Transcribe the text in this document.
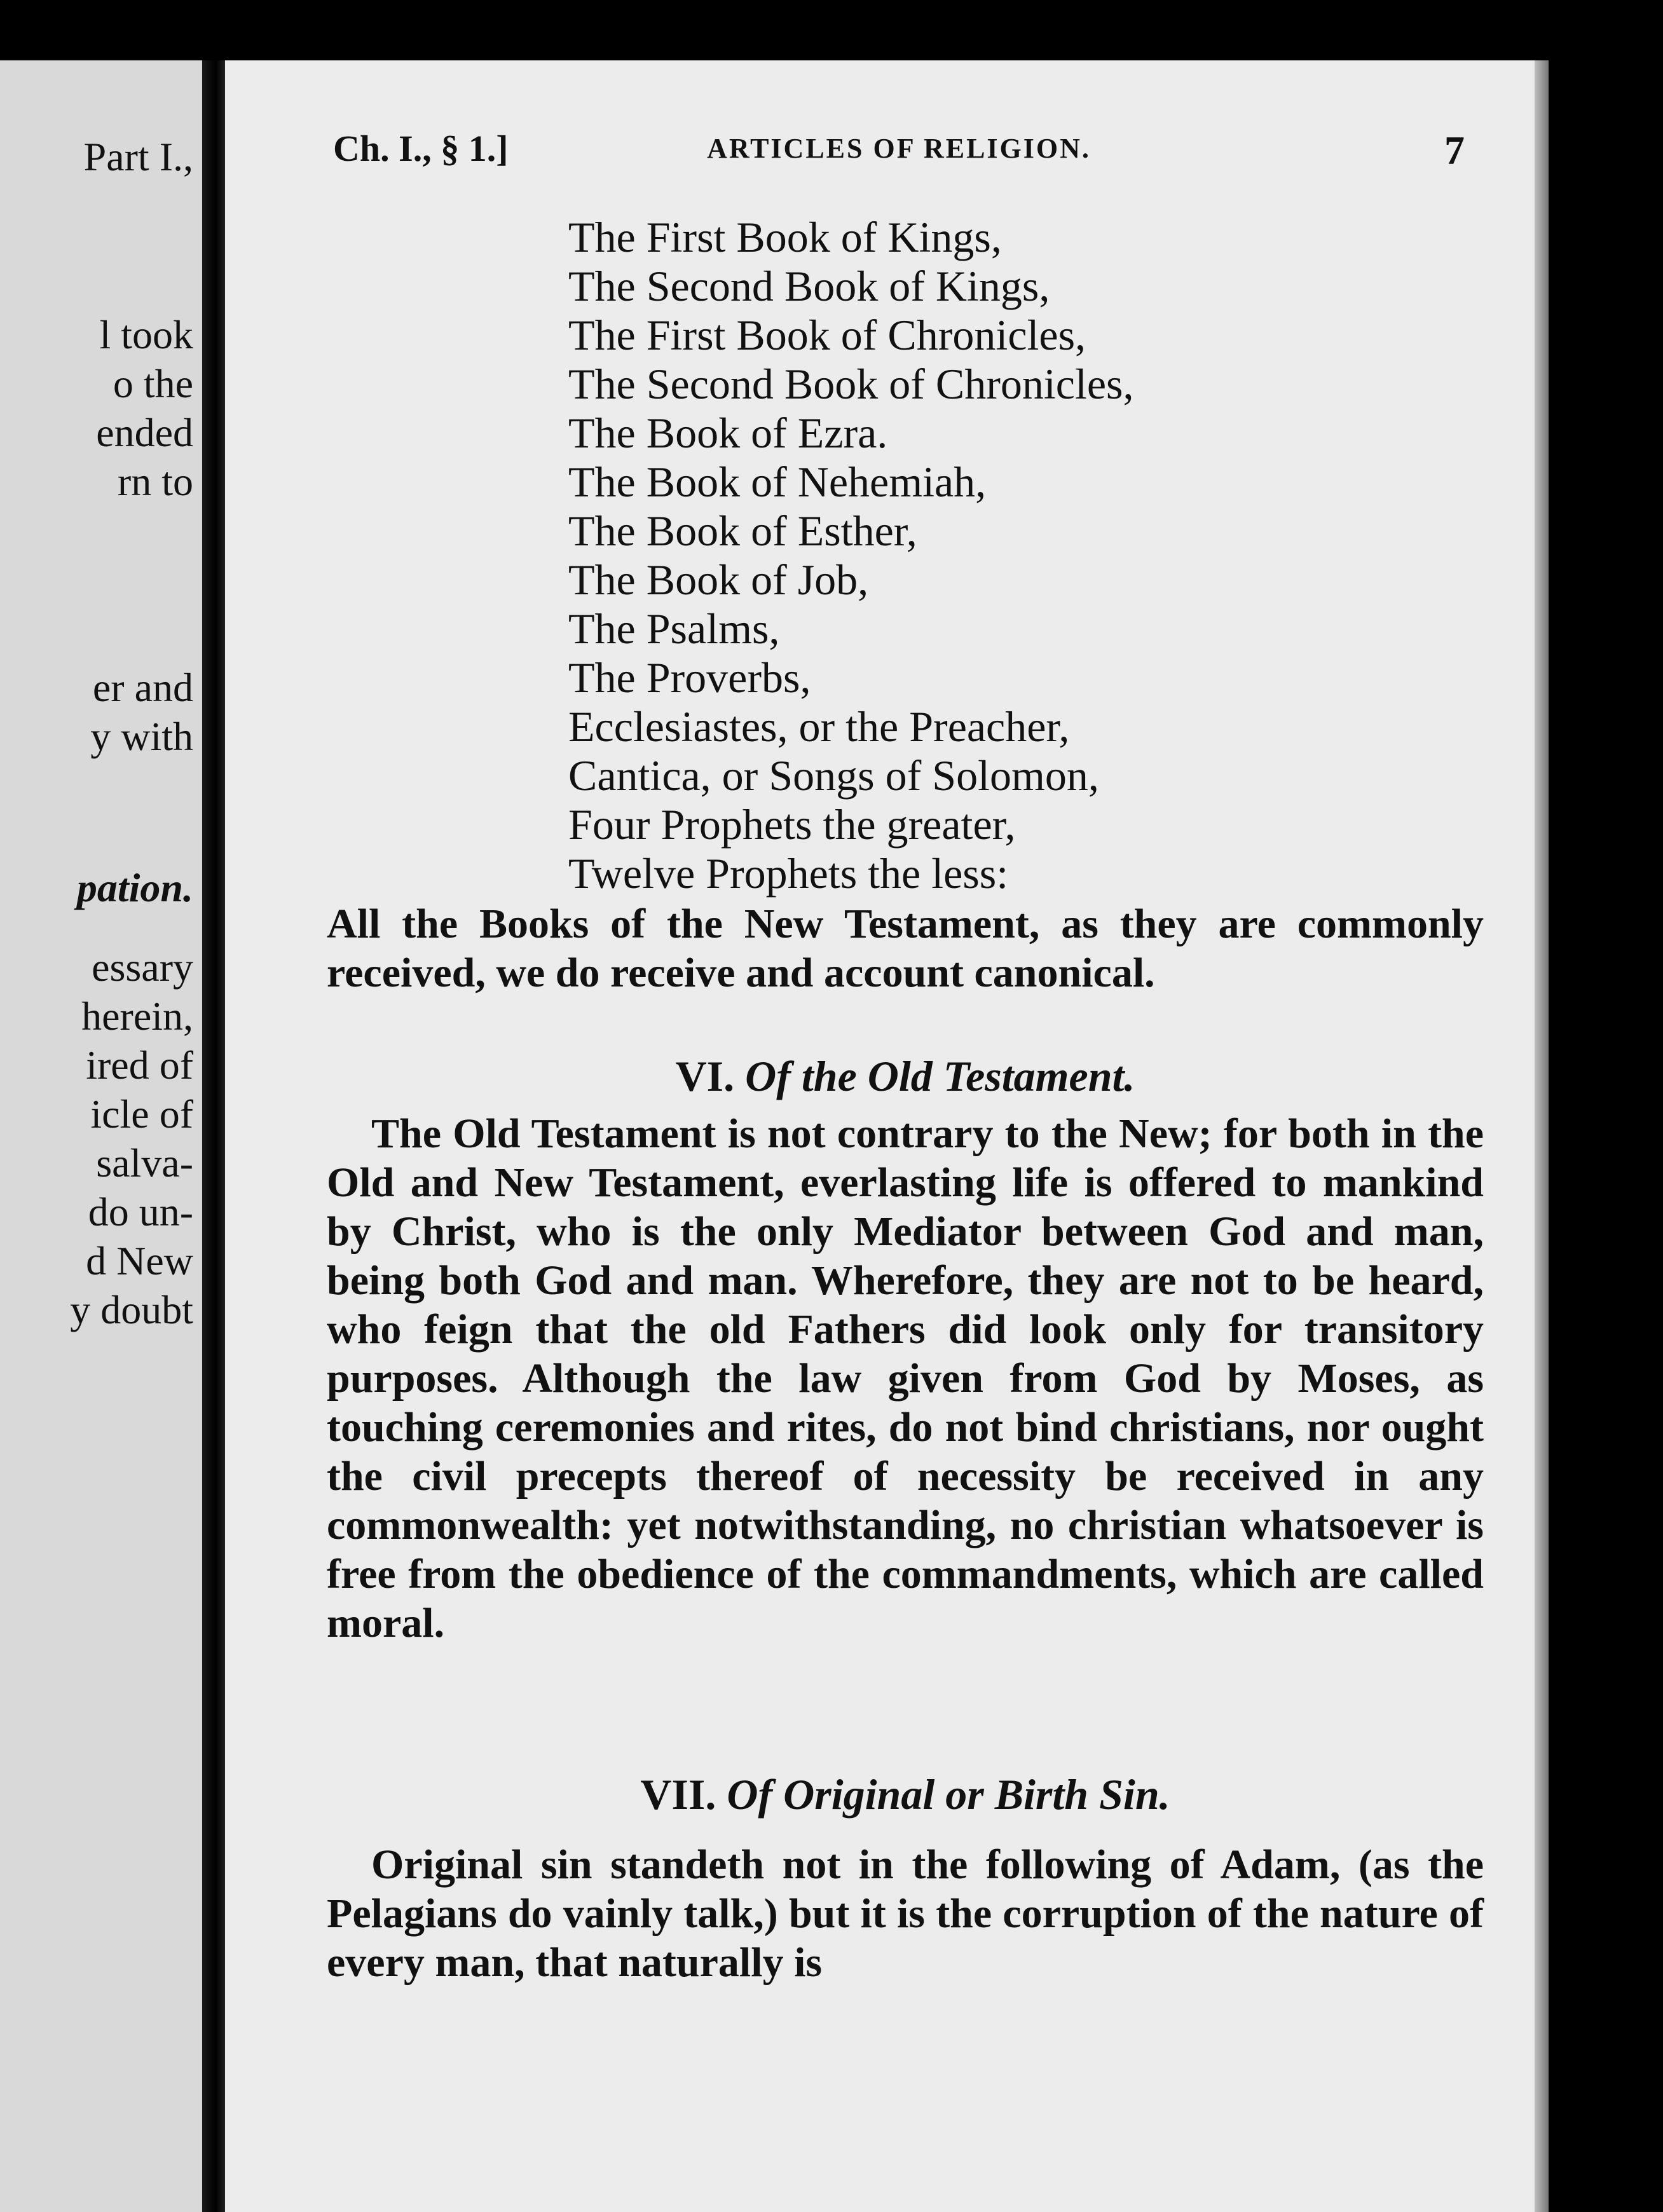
Part I.,
l took
o the
ended
rn to
er and
y with
pation.
essary
herein,
ired of
icle of
salva-
do un-
d New
y doubt
Ch. I., § 1.]	ARTICLES OF RELIGION.	7
The First Book of Kings,
The Second Book of Kings,
The First Book of Chronicles,
The Second Book of Chronicles,
The Book of Ezra.
The Book of Nehemiah,
The Book of Esther,
The Book of Job,
The Psalms,
The Proverbs,
Ecclesiastes, or the Preacher,
Cantica, or Songs of Solomon,
Four Prophets the greater,
Twelve Prophets the less:

All the Books of the New Testament, as they are commonly received, we do receive and account canonical.

VI. Of the Old Testament.

The Old Testament is not contrary to the New; for both in the Old and New Testament, everlasting life is offered to mankind by Christ, who is the only Mediator between God and man, being both God and man. Wherefore, they are not to be heard, who feign that the old Fathers did look only for transitory purposes. Although the law given from God by Moses, as touching ceremonies and rites, do not bind christians, nor ought the civil precepts thereof of necessity be received in any commonwealth: yet notwithstanding, no christian whatsoever is free from the obedience of the commandments, which are called moral.

VII. Of Original or Birth Sin.

Original sin standeth not in the following of Adam, (as the Pelagians do vainly talk,) but it is the corruption of the nature of every man, that naturally is
